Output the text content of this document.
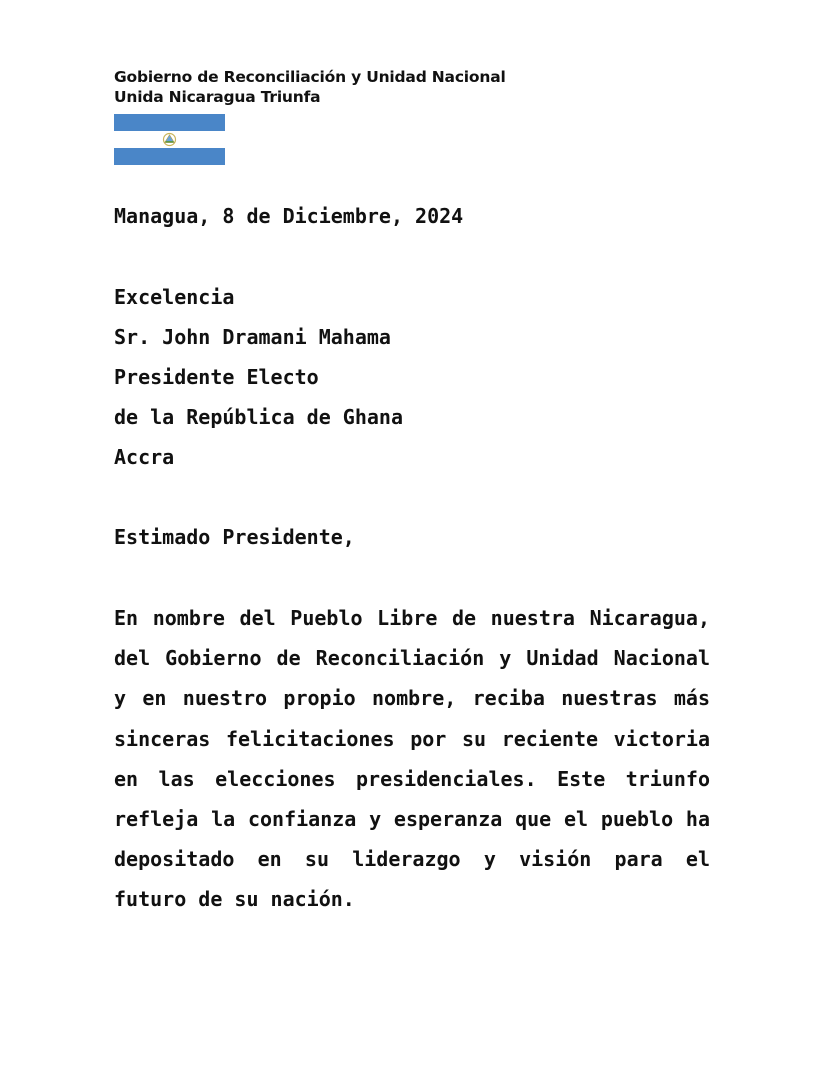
Gobierno de Reconciliación y Unidad Nacional
Unida Nicaragua Triunfa
Managua, 8 de Diciembre, 2024
Excelencia
Sr. John Dramani Mahama
Presidente Electo
de la República de Ghana
Accra
Estimado Presidente,
En nombre del Pueblo Libre de nuestra Nicaragua, del Gobierno de Reconciliación y Unidad Nacional y en nuestro propio nombre, reciba nuestras más sinceras felicitaciones por su reciente victoria en las elecciones presidenciales. Este triunfo refleja la confianza y esperanza que el pueblo ha depositado en su liderazgo y visión para el futuro de su nación.
